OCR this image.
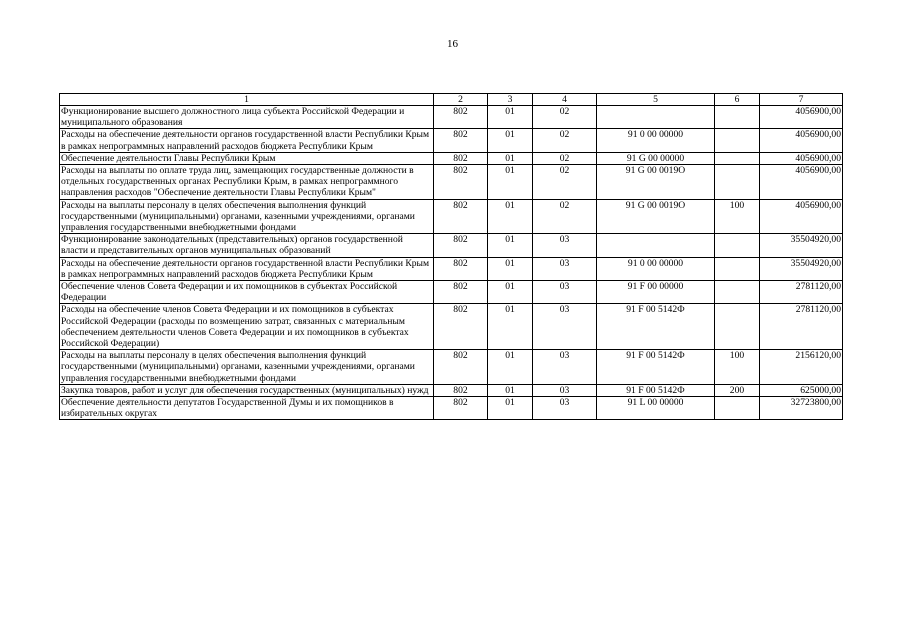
16
1	2	3	4	5	6	7
Функционирование высшего должностного лица субъекта Российской Федерации и муниципального образования	802	01	02			4056900,00
Расходы на обеспечение деятельности органов государственной власти Республики Крым в рамках непрограммных направлений расходов бюджета Республики Крым	802	01	02	91 0 00 00000		4056900,00
Обеспечение деятельности Главы Республики Крым	802	01	02	91 G 00 00000		4056900,00
Расходы на выплаты по оплате труда лиц, замещающих государственные должности в отдельных государственных органах Республики Крым, в рамках непрограммного направления расходов "Обеспечение деятельности Главы Республики Крым"	802	01	02	91 G 00 0019О		4056900,00
Расходы на выплаты персоналу в целях обеспечения выполнения функций государственными (муниципальными) органами, казенными учреждениями, органами управления государственными внебюджетными фондами	802	01	02	91 G 00 0019О	100	4056900,00
Функционирование законодательных (представительных) органов государственной власти и представительных органов муниципальных образований	802	01	03			35504920,00
Расходы на обеспечение деятельности органов государственной власти Республики Крым в рамках непрограммных направлений расходов бюджета Республики Крым	802	01	03	91 0 00 00000		35504920,00
Обеспечение членов Совета Федерации и их помощников в субъектах Российской Федерации	802	01	03	91 F 00 00000		2781120,00
Расходы на обеспечение членов Совета Федерации и их помощников в субъектах Российской Федерации (расходы по возмещению затрат, связанных с материальным обеспечением деятельности членов Совета Федерации и их помощников в субъектах Российской Федерации)	802	01	03	91 F 00 5142Ф		2781120,00
Расходы на выплаты персоналу в целях обеспечения выполнения функций государственными (муниципальными) органами, казенными учреждениями, органами управления государственными внебюджетными фондами	802	01	03	91 F 00 5142Ф	100	2156120,00
Закупка товаров, работ и услуг для обеспечения государственных (муниципальных) нужд	802	01	03	91 F 00 5142Ф	200	625000,00
Обеспечение деятельности депутатов Государственной Думы и их помощников в избирательных округах	802	01	03	91 L 00 00000		32723800,00
